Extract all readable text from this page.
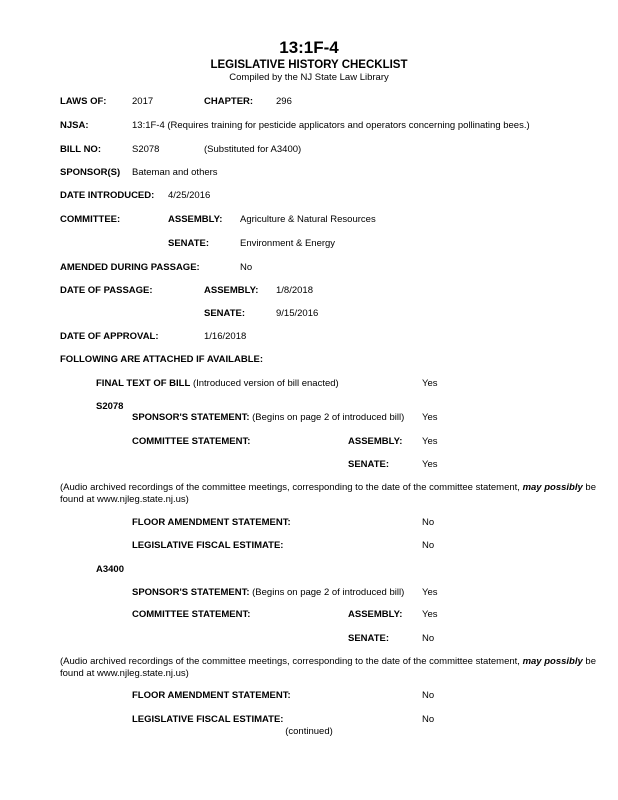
13:1F-4
LEGISLATIVE HISTORY CHECKLIST
Compiled by the NJ State Law Library
LAWS OF:	2017	CHAPTER: 296
NJSA:	13:1F-4 (Requires training for pesticide applicators and operators concerning pollinating bees.)
BILL NO:	S2078	(Substituted for A3400)
SPONSOR(S) Bateman and others
DATE INTRODUCED: 4/25/2016
COMMITTEE:	ASSEMBLY: Agriculture & Natural Resources
SENATE:	Environment & Energy
AMENDED DURING PASSAGE:	No
DATE OF PASSAGE:	ASSEMBLY: 1/8/2018
SENATE:	9/15/2016
DATE OF APPROVAL:	1/16/2018
FOLLOWING ARE ATTACHED IF AVAILABLE:
FINAL TEXT OF BILL (Introduced version of bill enacted)	Yes
S2078
SPONSOR'S STATEMENT: (Begins on page 2 of introduced bill) Yes
COMMITTEE STATEMENT:	ASSEMBLY: Yes
SENATE:	Yes
(Audio archived recordings of the committee meetings, corresponding to the date of the committee statement, may possibly be found at www.njleg.state.nj.us)
FLOOR AMENDMENT STATEMENT:	No
LEGISLATIVE FISCAL ESTIMATE:	No
A3400
SPONSOR'S STATEMENT: (Begins on page 2 of introduced bill) Yes
COMMITTEE STATEMENT:	ASSEMBLY: Yes
SENATE:	No
(Audio archived recordings of the committee meetings, corresponding to the date of the committee statement, may possibly be found at www.njleg.state.nj.us)
FLOOR AMENDMENT STATEMENT:	No
LEGISLATIVE FISCAL ESTIMATE:	No
(continued)
